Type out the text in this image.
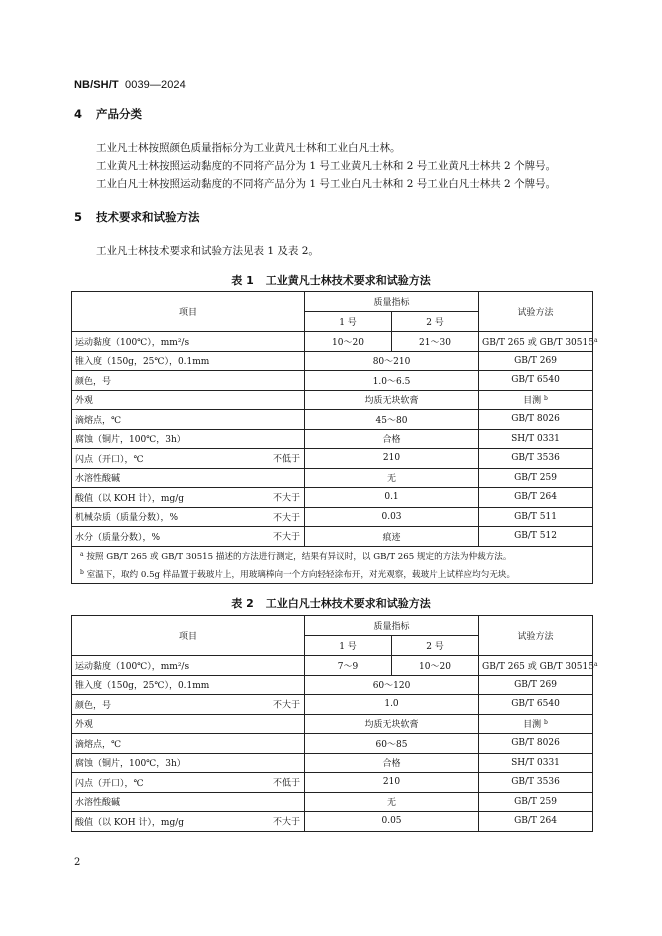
NB/SH/T 0039—2024
4 产品分类
工业凡士林按照颜色质量指标分为工业黄凡士林和工业白凡士林。
工业黄凡士林按照运动黏度的不同将产品分为 1 号工业黄凡士林和 2 号工业黄凡士林共 2 个牌号。
工业白凡士林按照运动黏度的不同将产品分为 1 号工业白凡士林和 2 号工业白凡士林共 2 个牌号。
5 技术要求和试验方法
工业凡士林技术要求和试验方法见表 1 及表 2。
表 1 工业黄凡士林技术要求和试验方法
项目	质量指标		试验方法
	1 号	2 号	
运动黏度（100℃），mm²/s	10～20	21～30	GB/T 265 或 GB/T 30515$^a$
锥入度（150g，25℃），0.1mm	80～210		GB/T 269
颜色，号	1.0～6.5		GB/T 6540
外观	均质无块软膏		目测 $^b$
滴熔点，℃	45～80		GB/T 8026
腐蚀（铜片，100℃，3h）	合格		SH/T 0331
闪点（开口），℃ 不低于	210		GB/T 3536
水溶性酸碱	无		GB/T 259
酸值（以 KOH 计），mg/g 不大于	0.1		GB/T 264
机械杂质（质量分数），% 不大于	0.03		GB/T 511
水分（质量分数），% 不大于	痕迹		GB/T 512
$^a$ 按照 GB/T 265 或 GB/T 30515 描述的方法进行测定，结果有异议时，以 GB/T 265 规定的方法为仲裁方法。			
$^b$ 室温下，取约 0.5g 样品置于载玻片上，用玻璃棒向一个方向轻轻涂布开，对光观察，载玻片上试样应均匀无块。			
表 2 工业白凡士林技术要求和试验方法
项目	质量指标		试验方法
	1 号	2 号	
运动黏度（100℃），mm²/s	7～9	10～20	GB/T 265 或 GB/T 30515$^a$
锥入度（150g，25℃），0.1mm	60～120		GB/T 269
颜色，号 不大于	1.0		GB/T 6540
外观	均质无块软膏		目测 $^b$
滴熔点，℃	60～85		GB/T 8026
腐蚀（铜片，100℃，3h）	合格		SH/T 0331
闪点（开口），℃ 不低于	210		GB/T 3536
水溶性酸碱	无		GB/T 259
酸值（以 KOH 计），mg/g 不大于	0.05		GB/T 264
2
